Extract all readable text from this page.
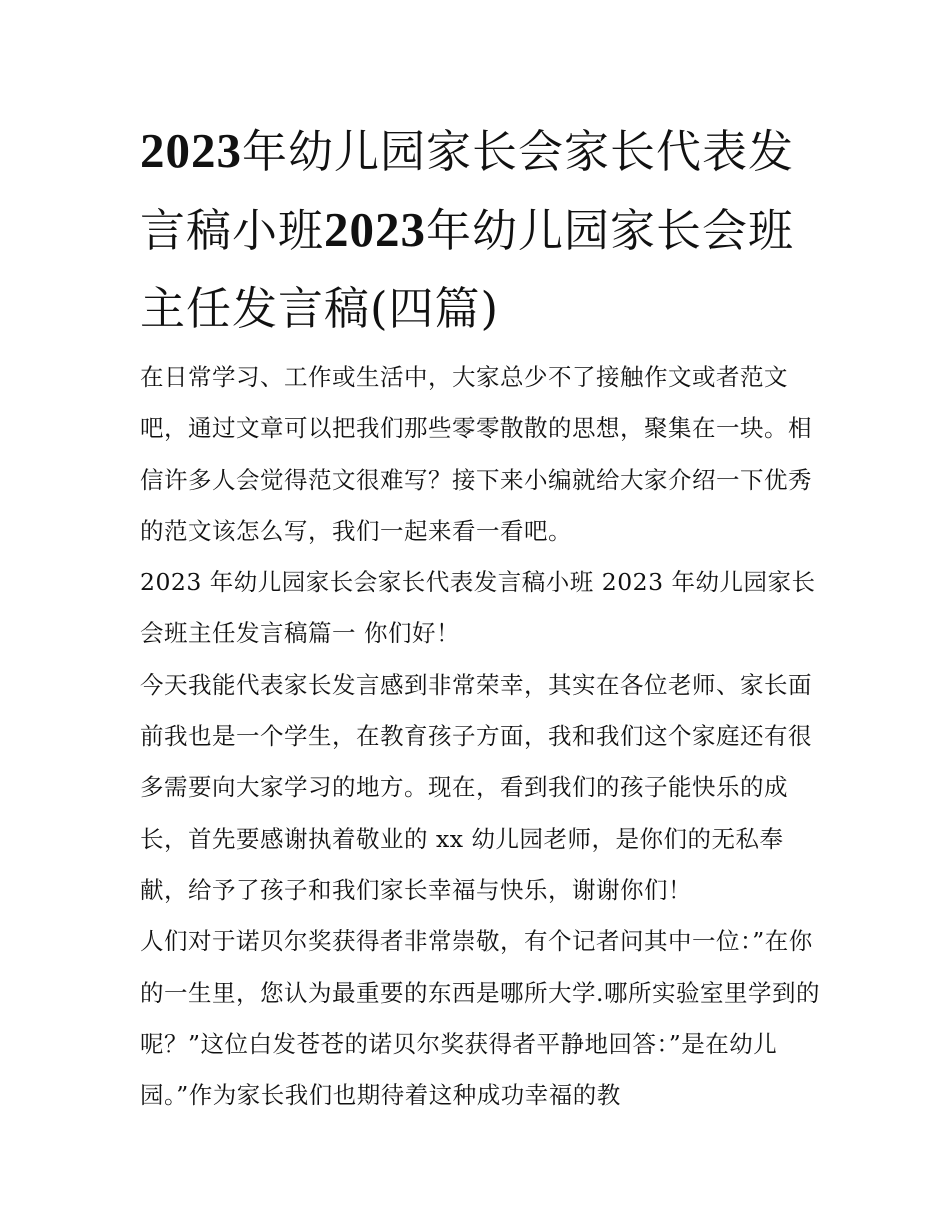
2023年幼儿园家长会家长代表发言稿小班2023年幼儿园家长会班主任发言稿(四篇)

在日常学习、工作或生活中，大家总少不了接触作文或者范文吧，通过文章可以把我们那些零零散散的思想，聚集在一块。相信许多人会觉得范文很难写？接下来小编就给大家介绍一下优秀的范文该怎么写，我们一起来看一看吧。

2023 年幼儿园家长会家长代表发言稿小班 2023 年幼儿园家长会班主任发言稿篇一 你们好！

今天我能代表家长发言感到非常荣幸，其实在各位老师、家长面前我也是一个学生，在教育孩子方面，我和我们这个家庭还有很多需要向大家学习的地方。现在，看到我们的孩子能快乐的成长，首先要感谢执着敬业的 xx 幼儿园老师，是你们的无私奉献，给予了孩子和我们家长幸福与快乐，谢谢你们！

人们对于诺贝尔奖获得者非常崇敬，有个记者问其中一位：”在你的一生里，您认为最重要的东西是哪所大学.哪所实验室里学到的呢？”这位白发苍苍的诺贝尔奖获得者平静地回答：”是在幼儿园。”作为家长我们也期待着这种成功幸福的教
